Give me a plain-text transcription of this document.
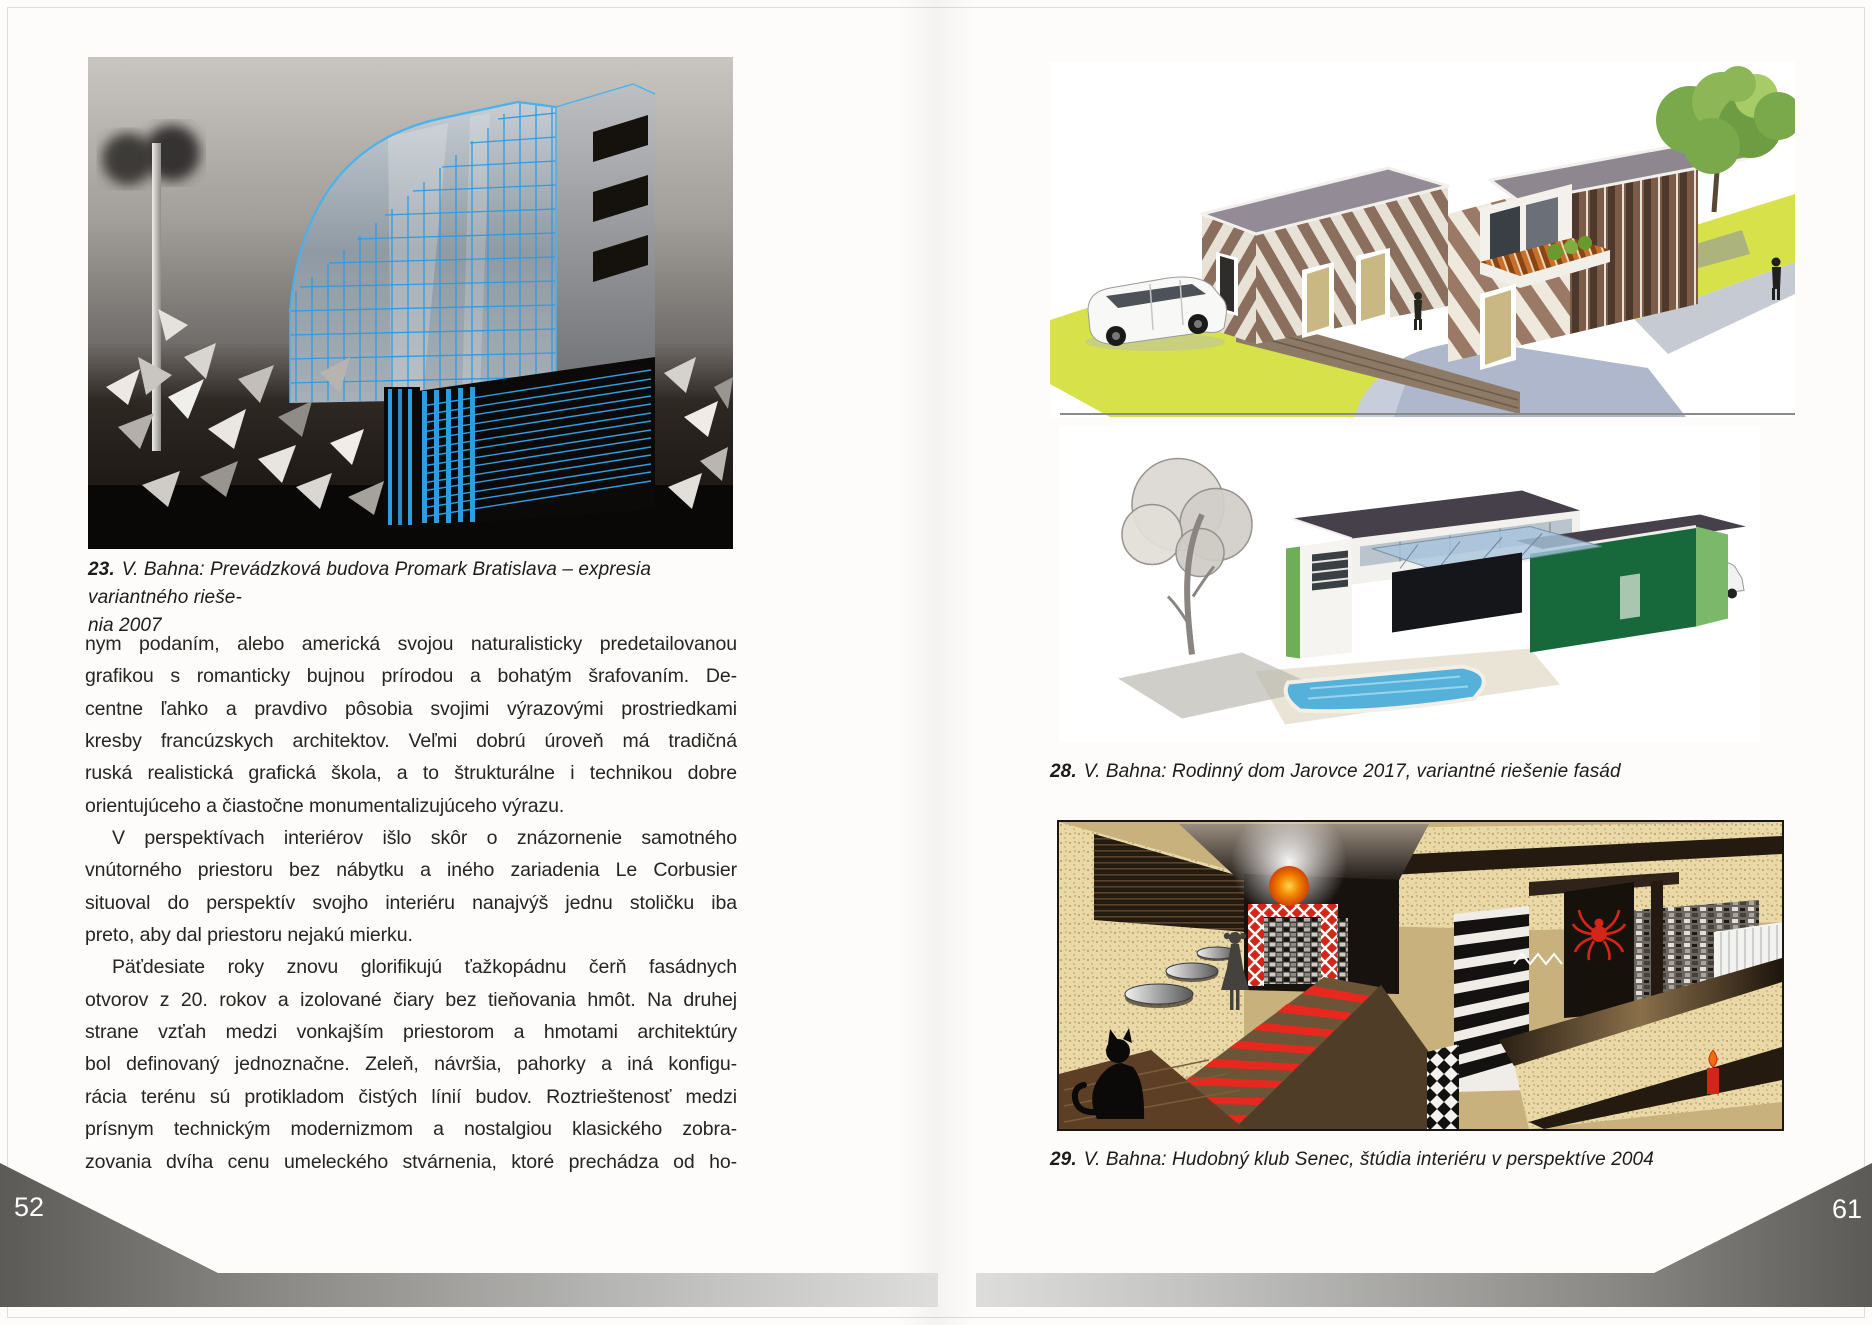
23. V. Bahna: Prevádzková budova Promark Bratislava – expresia variantného rieše-
nia 2007
nym podaním, alebo americká svojou naturalisticky predetailovanou
grafikou s romanticky bujnou prírodou a bohatým šrafovaním. De-
centne ľahko a pravdivo pôsobia svojimi výrazovými prostriedkami
kresby francúzskych architektov. Veľmi dobrú úroveň má tradičná
ruská realistická grafická škola, a to štrukturálne i technikou dobre
orientujúceho a čiastočne monumentalizujúceho výrazu.
V perspektívach interiérov išlo skôr o znázornenie samotného
vnútorného priestoru bez nábytku a iného zariadenia Le Corbusier
situoval do perspektív svojho interiéru nanajvýš jednu stoličku iba
preto, aby dal priestoru nejakú mierku.
Päťdesiate roky znovu glorifikujú ťažkopádnu čerň fasádnych
otvorov z 20. rokov a izolované čiary bez tieňovania hmôt. Na druhej
strane vzťah medzi vonkajším priestorom a hmotami architektúry
bol definovaný jednoznačne. Zeleň, návršia, pahorky a iná konfigu-
rácia terénu sú protikladom čistých línií budov. Roztrieštenosť medzi
prísnym technickým modernizmom a nostalgiou klasického zobra-
zovania dvíha cenu umeleckého stvárnenia, ktoré prechádza od ho-
28. V. Bahna: Rodinný dom Jarovce 2017, variantné riešenie fasád
29. V. Bahna: Hudobný klub Senec, štúdia interiéru v perspektíve 2004
52	61
